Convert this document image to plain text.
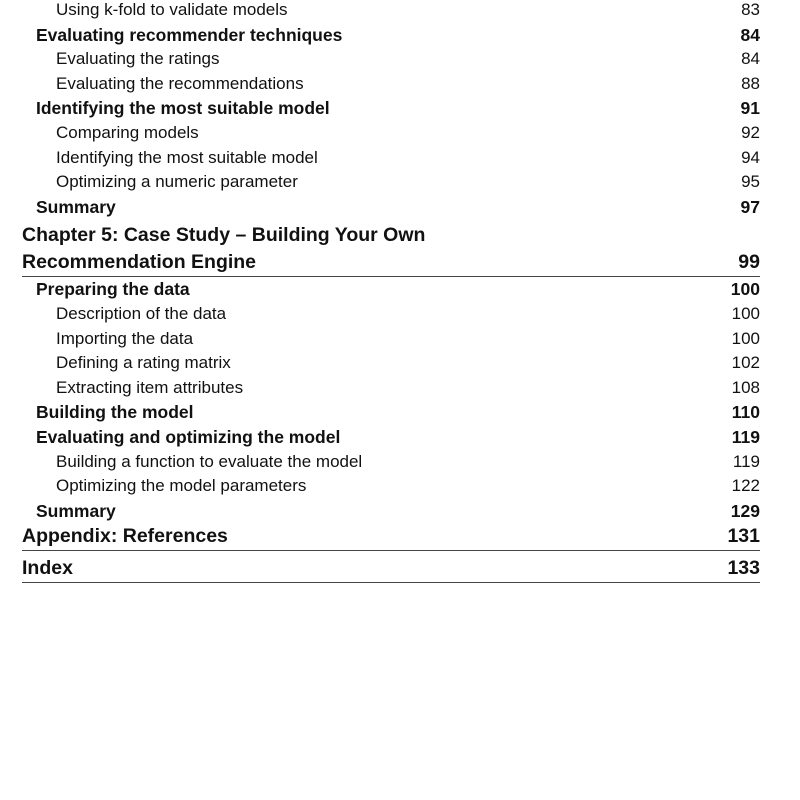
Using k-fold to validate models	83
Evaluating recommender techniques	84
Evaluating the ratings	84
Evaluating the recommendations	88
Identifying the most suitable model	91
Comparing models	92
Identifying the most suitable model	94
Optimizing a numeric parameter	95
Summary	97
Chapter 5: Case Study – Building Your Own
Recommendation Engine	99
Preparing the data	100
Description of the data	100
Importing the data	100
Defining a rating matrix	102
Extracting item attributes	108
Building the model	110
Evaluating and optimizing the model	119
Building a function to evaluate the model	119
Optimizing the model parameters	122
Summary	129
Appendix: References	131
Index	133
